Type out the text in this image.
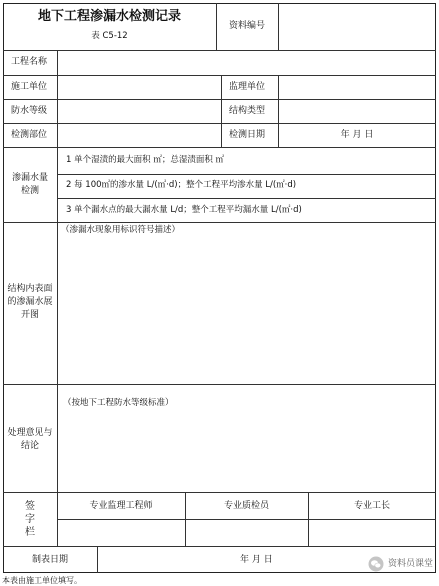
地下工程渗漏水检测记录
表 C5-12
资料编号
工程名称
施工单位	监理单位
防水等级	结构类型
检测部位	检测日期	年 月 日
渗漏水量
检测
1 单个湿渍的最大面积 ㎡；总湿渍面积 ㎡
2 每 100㎡的渗水量 L/(㎡·d)；整个工程平均渗水量 L/(㎡·d)
3 单个漏水点的最大漏水量 L/d；整个工程平均漏水量 L/(㎡·d)
结构内表面
的渗漏水展
开图
（渗漏水现象用标识符号描述）
处理意见与
结论
（按地下工程防水等级标准）
签
字
栏
专业监理工程师	专业质检员	专业工长
制表日期	年 月 日
本表由施工单位填写。
资料员课堂
